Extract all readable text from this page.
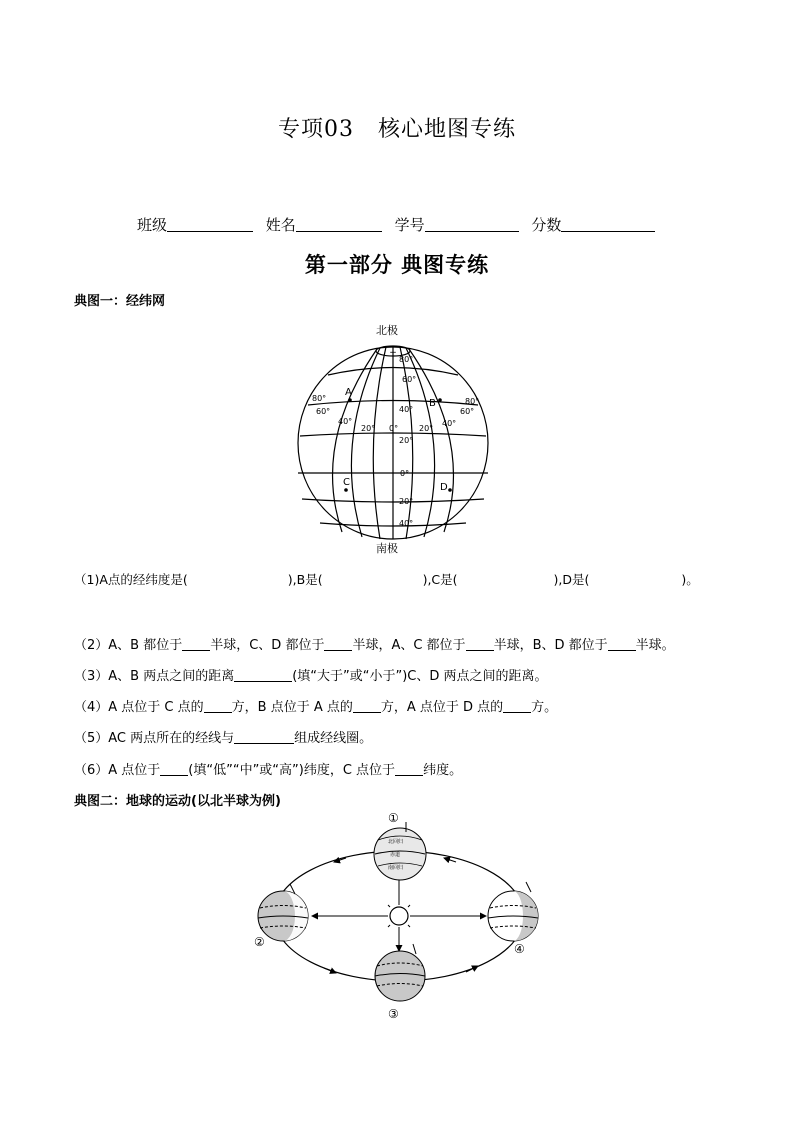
专项03 核心地图专练
班级	姓名	学号	分数
第一部分 典图专练
典图一：经纬网
北极
南极
+
80°
60°
40°
20°
0°
20°
40°
80°
60°
40°
20° 0°	20°
40°
60°
80°
A
B
C	D
（1)A点的经纬度是(	),B是(	),C是(	),D是(	)。
（2）A、B 都位于 半球，C、D 都位于 半球，A、C 都位于 半球，B、D 都位于 半球。
（3）A、B 两点之间的距离	(填“大于”或“小于”)C、D 两点之间的距离。
（4）A 点位于 C 点的 方，B 点位于 A 点的 方，A 点位于 D 点的 方。
（5）AC 两点所在的经线与	组成经线圈。
（6）A 点位于 (填“低”“中”或“高”)纬度，C 点位于 纬度。
典图二：地球的运动(以北半球为例)
北回归
赤道
南回归
①
②	④
③
